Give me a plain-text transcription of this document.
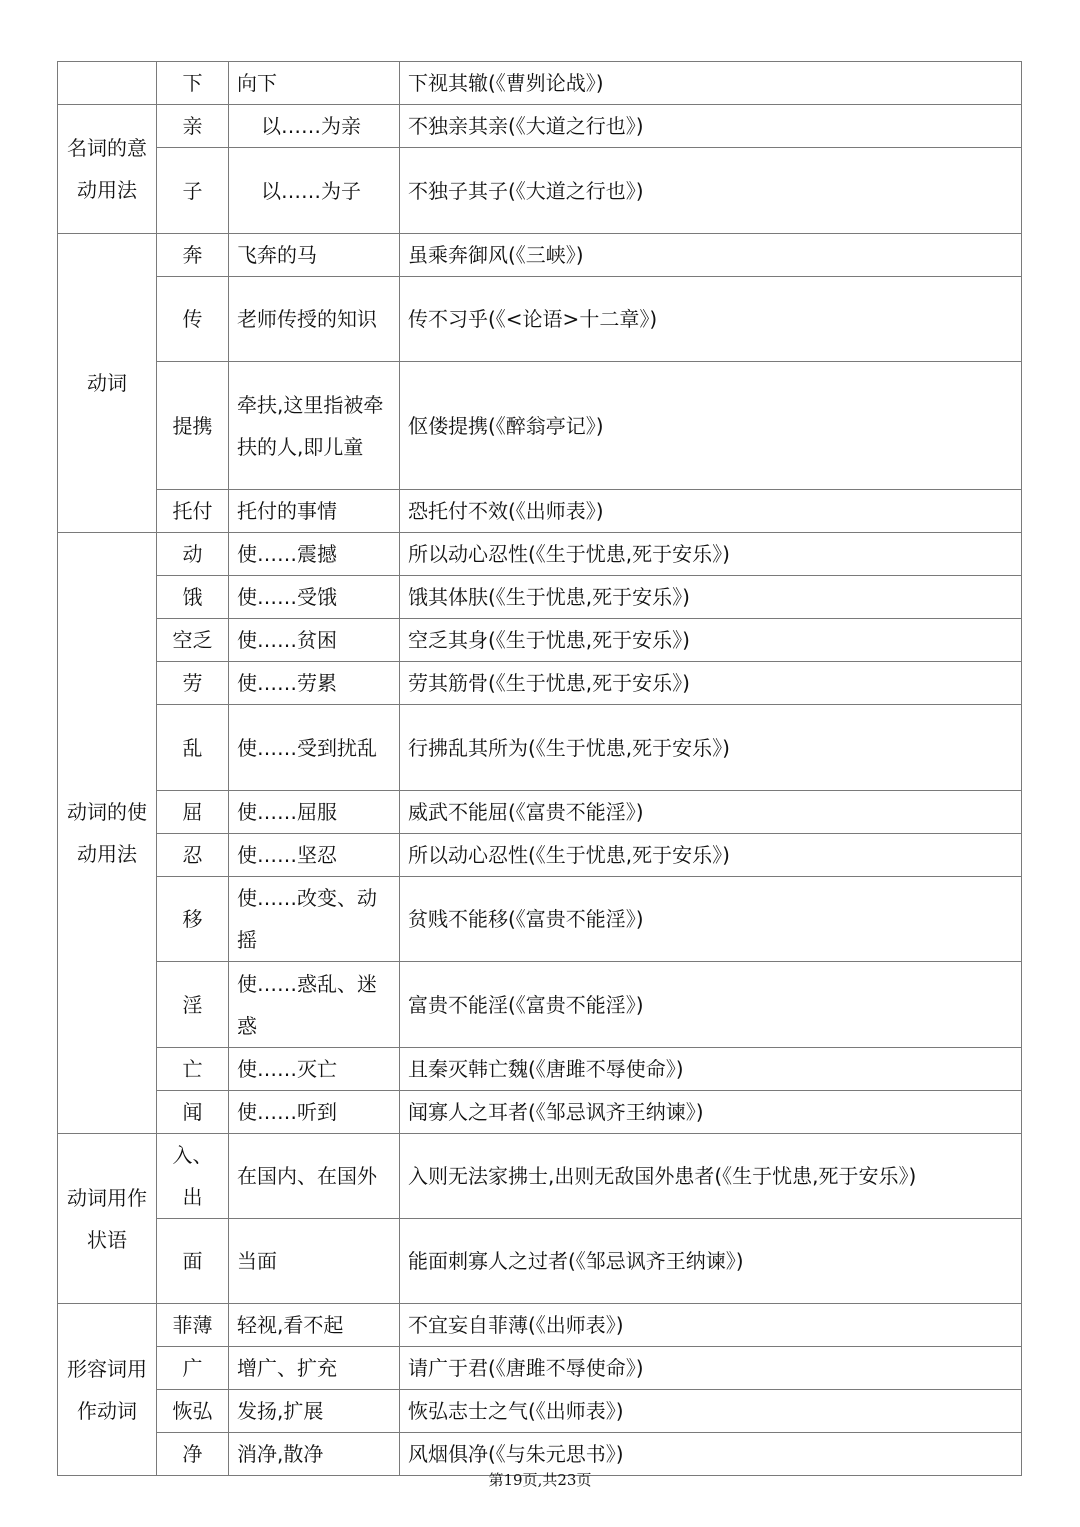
	下	向下	下视其辙(《曹刿论战》)
名词的意动用法	亲	以……为亲	不独亲其亲(《大道之行也》)
	子	以……为子	不独子其子(《大道之行也》)
动词	奔	飞奔的马	虽乘奔御风(《三峡》)
	传	老师传授的知识	传不习乎(《<论语>十二章》)
	提携	牵扶,这里指被牵扶的人,即儿童	伛偻提携(《醉翁亭记》)
	托付	托付的事情	恐托付不效(《出师表》)
动词的使动用法	动	使……震撼	所以动心忍性(《生于忧患,死于安乐》)
	饿	使……受饿	饿其体肤(《生于忧患,死于安乐》)
	空乏	使……贫困	空乏其身(《生于忧患,死于安乐》)
	劳	使……劳累	劳其筋骨(《生于忧患,死于安乐》)
	乱	使……受到扰乱	行拂乱其所为(《生于忧患,死于安乐》)
	屈	使……屈服	威武不能屈(《富贵不能淫》)
	忍	使……坚忍	所以动心忍性(《生于忧患,死于安乐》)
	移	使……改变、动摇	贫贱不能移(《富贵不能淫》)
	淫	使……惑乱、迷惑	富贵不能淫(《富贵不能淫》)
	亡	使……灭亡	且秦灭韩亡魏(《唐雎不辱使命》)
	闻	使……听到	闻寡人之耳者(《邹忌讽齐王纳谏》)
动词用作状语	入、出	在国内、在国外	入则无法家拂士,出则无敌国外患者(《生于忧患,死于安乐》)
	面	当面	能面刺寡人之过者(《邹忌讽齐王纳谏》)
形容词用作动词	菲薄	轻视,看不起	不宜妄自菲薄(《出师表》)
	广	增广、扩充	请广于君(《唐雎不辱使命》)
	恢弘	发扬,扩展	恢弘志士之气(《出师表》)
	净	消净,散净	风烟俱净(《与朱元思书》)
第19页,共23页
